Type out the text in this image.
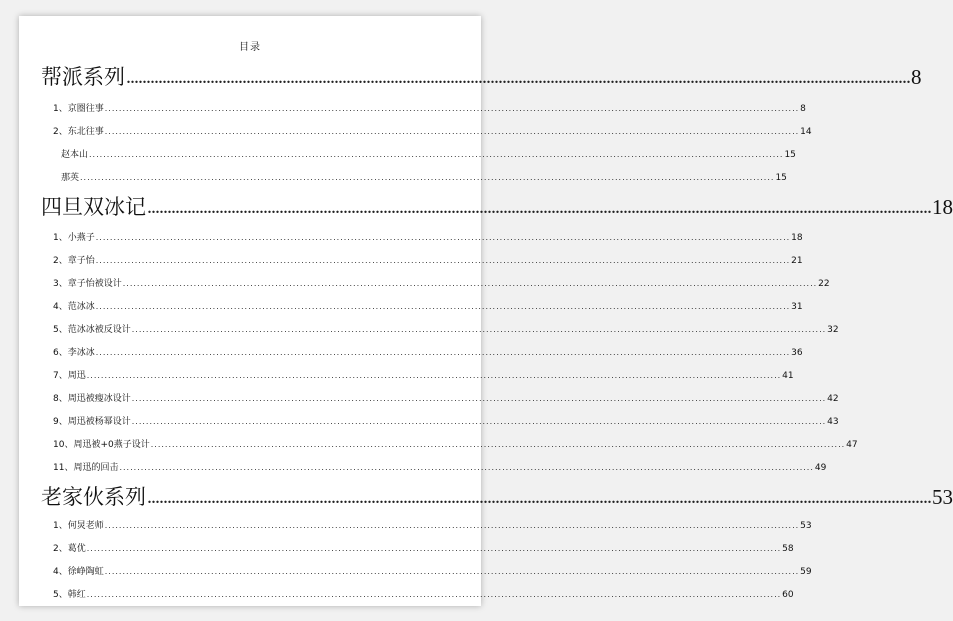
目录
帮派系列 .................................................................................................................................................................................................... 8
1、京圈往事 .................................................................................................................................................................................................... 8
2、东北往事 .................................................................................................................................................................................................... 14
赵本山 .................................................................................................................................................................................................... 15
那英 .................................................................................................................................................................................................... 15
四旦双冰记 .................................................................................................................................................................................................... 18
1、小燕子 .................................................................................................................................................................................................... 18
2、章子怡 .................................................................................................................................................................................................... 21
3、章子怡被设计 .................................................................................................................................................................................................... 22
4、范冰冰 .................................................................................................................................................................................................... 31
5、范冰冰被反设计 .................................................................................................................................................................................................... 32
6、李冰冰 .................................................................................................................................................................................................... 36
7、周迅 .................................................................................................................................................................................................... 41
8、周迅被瘦冰设计 .................................................................................................................................................................................................... 42
9、周迅被杨幂设计 .................................................................................................................................................................................................... 43
10、周迅被+0燕子设计 .................................................................................................................................................................................................... 47
11、周迅的回击 .................................................................................................................................................................................................... 49
老家伙系列 .................................................................................................................................................................................................... 53
1、何炅老师 .................................................................................................................................................................................................... 53
2、葛优 .................................................................................................................................................................................................... 58
4、徐峥陶虹 .................................................................................................................................................................................................... 59
5、韩红 .................................................................................................................................................................................................... 60
